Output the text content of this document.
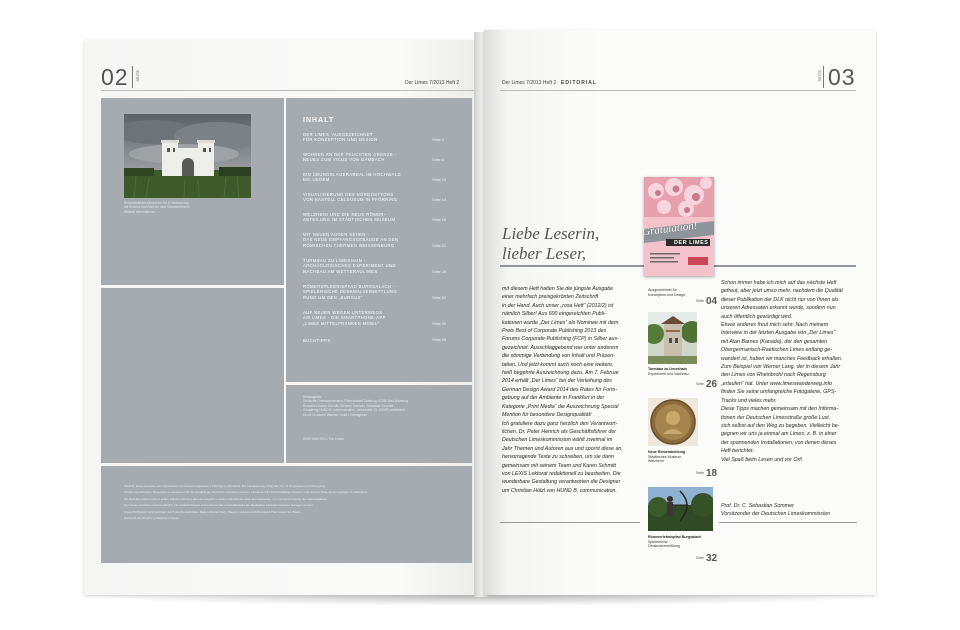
02 SEITE
Der Limes 7/2013 Heft 2
Rekonstruiertes römisches Tor in Weißenburg
mit Schloss und Park vor dem Sommerhimmel
Weitere Informationen
INHALT
DER LIMES: AUSGEZEICHNET
FÜR KONZEPTION UND DESIGN	Seite 4
WOHNEN AN DER FEUCHTEN GRENZE -
NEUES ZUM VICUS VON DAMBACH	Seite 6
EIN ÜBUNGSLAGERAREAL IM HOCHWALD
BEI UEDEM	Seite 10
VISUALISIERUNG DES NORDOSTTORS
VON KASTELL CELEUSUM IN PFÖRRING	Seite 14
WELZHEIM UND DIE NEUE RÖMER-
ABTEILUNG IM STÄDTISCHEN MUSEUM	Seite 18
MIT NEUEN AUGEN SEHEN -
DAS NEUE EMPFANGSGEBÄUDE AN DEN
RÖMISCHEN THERMEN WEISSENBURG	Seite 22
TURMBAU ZU LIMESHAIN -
ARCHÄOLOGISCHES EXPERIMENT UND
NACHBAU AM WETTERAULIMES	Seite 26
RÖMERERLEBNISPFAD BURGSALACH -
SPIELERISCHE DENKMALVERMITTLUNG
RUND UM DEN „BURGUS“	Seite 32
AUF NEUEN WEGEN UNTERWEGS
AM LIMES - DIE SMARTPHONE-APP
„LIMES MITTELFRANKEN MOBIL“	Seite 36
BUCHTIPPS	Seite 38
Herausgeber
Deutsche Limeskommission, Römerkastell Saalburg, 61350 Bad Homburg
Redaktion Karen Schmitt, Stefanie Sommer, Sebastian Sommer
Gestaltung HUND B. communication, Jahnstraße 13, 67245 Lambsheim
Druck Druckerei Wachter GmbH, Bönnigheim
ISSN 1864-9912 / Der Limes
Titelbild: Rekonstruktion des Nordosttors von Kastell Celeusum in Pförring im Altmühltal. Die Visualisierung zeigt das Tor mit Doppelturm und Wehrgang.
Abbildungsnachweis: Bayerisches Landesamt für Denkmalpflege, Deutsche Limeskommission, Landesamt für Denkmalpflege Hessen, LVR-Amt für Bodendenkmalpflege im Rheinland.
Die Beiträge geben nicht in jedem Fall die Meinung des Herausgebers wieder. Nachdruck, auch auszugsweise, nur mit Genehmigung des Herausgebers.
Der Limes erscheint zweimal jährlich. Die Zeitschrift kann kostenlos bei der Geschäftsstelle der Deutschen Limeskommission bezogen werden.
Diese Publikation wird gefördert durch die Bundesländer Baden-Württemberg, Bayern, Hessen und Rheinland-Pfalz sowie den Bund.
Gedruckt auf chlorfrei gebleichtem Papier.
Der Limes 7/2013 Heft 2 EDITORIAL
SEITE 03
Liebe Leserin,
lieber Leser,
Gratulation!
DER LIMES
Ausgezeichnet für
Konzeption und Design
Seite 04
Turmbau zu Limeshain
Experiment und Nachbau
Seite 26
Neue Römerabteilung
Städtisches Museum
Welzheim
Seite 18
Römererlebnispfad Burgsalach
Spielerische
Denkmalvermittlung
Seite 32
mit diesem Heft halten Sie die jüngste Ausgabe
einer mehrfach preisgekrönten Zeitschrift
in der Hand. Auch unser „rosa Heft“ (2012/2) ist
nämlich Silber! Aus 600 eingereichten Publi-
kationen wurde „Der Limes“ als Nominee mit dem
Preis Best of Corporate Publishing 2013 des
Forums Corporate Publishing (FCP) in Silber aus-
gezeichnet. Ausschlaggebend war unter anderem
die stimmige Verbindung von Inhalt und Präsen-
tation. Und jetzt kommt auch noch eine weitere,
heiß begehrte Auszeichnung dazu. Am 7. Februar
2014 erhält „Der Limes“ bei der Verleihung des
German Design Award 2014 des Rates für Form-
gebung auf der Ambiente in Frankfurt in der
Kategorie „Print Media“ die Auszeichnung Special
Mention für besondere Designqualität!
Ich gratuliere dazu ganz herzlich den Verantwort-
lichen. Dr. Peter Henrich als Geschäftsführer der
Deutschen Limeskommission wählt zweimal im
Jahr Themen und Autoren aus und spornt diese an,
hervorragende Texte zu schreiben, um sie dann
gemeinsam mit seinem Team und Karen Schmitt
von LEXIS Lektorat redaktionell zu bearbeiten. Die
wunderbare Gestaltung verantworten die Designer
um Christian Hölzl von HUND B. communication.
Schon immer habe ich mich auf das nächste Heft
gefreut, aber jetzt umso mehr, nachdem die Qualität
dieser Publikation der DLK nicht nur von Ihnen als
unseren Adressaten erkannt wurde, sondern nun
auch öffentlich gewürdigt wird.
Etwas anderes freut mich sehr: Nach meinem
Interview in der letzten Ausgabe von „Der Limes“
mit Alan Barnes (Kanada), der den gesamten
Obergermanisch-Raetischen Limes entlang ge-
wandert ist, haben wir manches Feedback erhalten.
Zum Beispiel von Werner Lang, der in diesem Jahr
den Limes von Rheinbrohl nach Regensburg
„erlaufen“ hat. Unter www.limeswanderweg.info
finden Sie seine umfangreiche Fotogalerie, GPS-
Tracks und vieles mehr.
Diese Tipps machen gemeinsam mit den Informa-
tionen der Deutschen Limesstraße große Lust,
sich selbst auf den Weg zu begeben. Vielleicht be-
gegnen wir uns ja einmal am Limes, z. B. in einer
der spannenden Installationen, von denen dieses
Heft berichtet.
Viel Spaß beim Lesen und vor Ort!
Prof. Dr. C. Sebastian Sommer
Vorsitzender der Deutschen Limeskommission
